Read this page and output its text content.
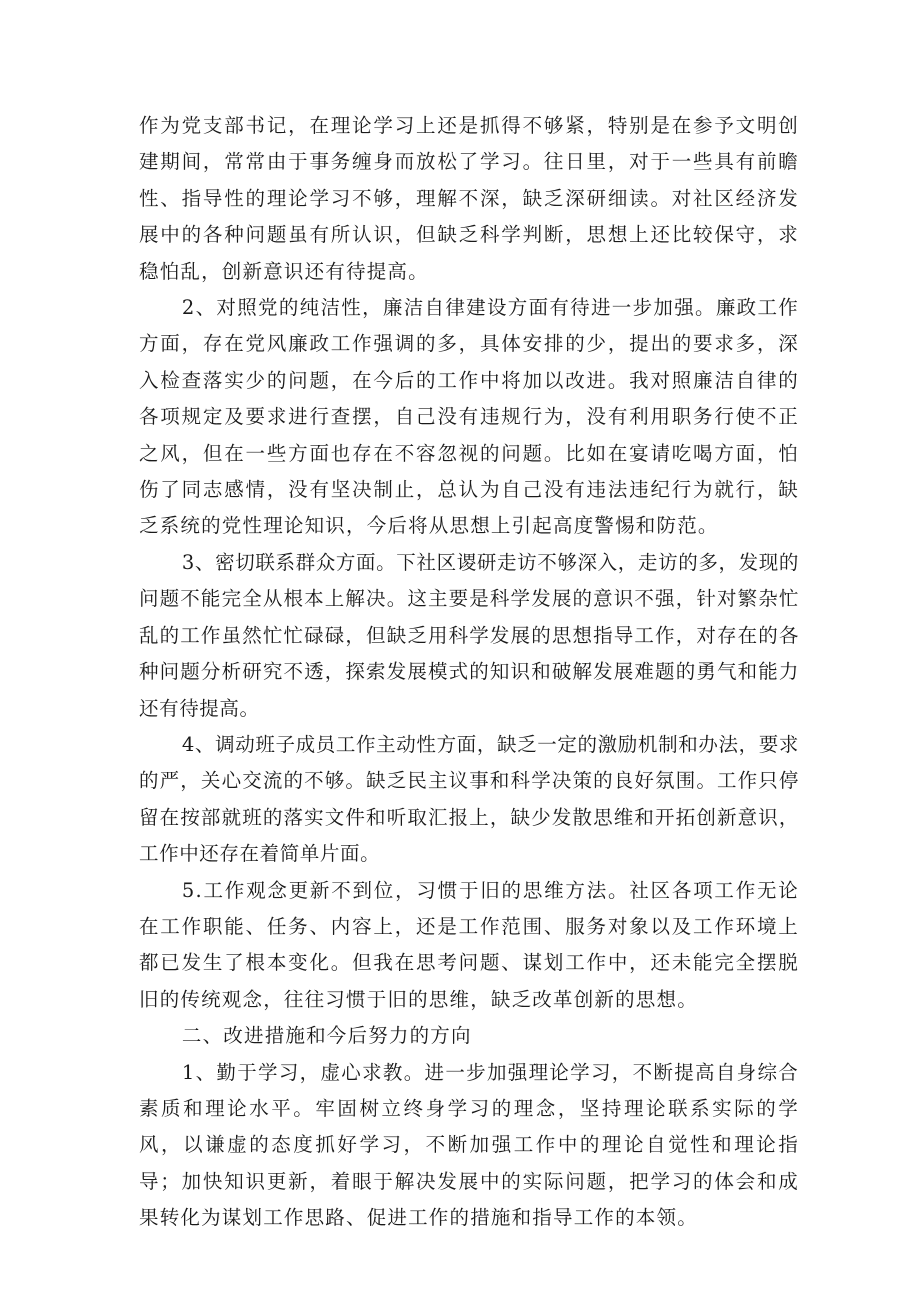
作为党支部书记，在理论学习上还是抓得不够紧，特别是在参予文明创建期间，常常由于事务缠身而放松了学习。往日里，对于一些具有前瞻性、指导性的理论学习不够，理解不深，缺乏深研细读。对社区经济发展中的各种问题虽有所认识，但缺乏科学判断，思想上还比较保守，求稳怕乱，创新意识还有待提高。

2、对照党的纯洁性，廉洁自律建设方面有待进一步加强。廉政工作方面，存在党风廉政工作强调的多，具体安排的少，提出的要求多，深入检查落实少的问题，在今后的工作中将加以改进。我对照廉洁自律的各项规定及要求进行查摆，自己没有违规行为，没有利用职务行使不正之风，但在一些方面也存在不容忽视的问题。比如在宴请吃喝方面，怕伤了同志感情，没有坚决制止，总认为自己没有违法违纪行为就行，缺乏系统的党性理论知识，今后将从思想上引起高度警惕和防范。

3、密切联系群众方面。下社区谡研走访不够深入，走访的多，发现的问题不能完全从根本上解决。这主要是科学发展的意识不强，针对繁杂忙乱的工作虽然忙忙碌碌，但缺乏用科学发展的思想指导工作，对存在的各种问题分析研究不透，探索发展模式的知识和破解发展难题的勇气和能力还有待提高。

4、调动班子成员工作主动性方面，缺乏一定的激励机制和办法，要求的严，关心交流的不够。缺乏民主议事和科学决策的良好氛围。工作只停留在按部就班的落实文件和听取汇报上，缺少发散思维和开拓创新意识，工作中还存在着简单片面。

5.工作观念更新不到位，习惯于旧的思维方法。社区各项工作无论在工作职能、任务、内容上，还是工作范围、服务对象以及工作环境上都已发生了根本变化。但我在思考问题、谋划工作中，还未能完全摆脱旧的传统观念，往往习惯于旧的思维，缺乏改革创新的思想。

二、改进措施和今后努力的方向

1、勤于学习，虚心求教。进一步加强理论学习，不断提高自身综合素质和理论水平。牢固树立终身学习的理念，坚持理论联系实际的学风，以谦虚的态度抓好学习，不断加强工作中的理论自觉性和理论指导；加快知识更新，着眼于解决发展中的实际问题，把学习的体会和成果转化为谋划工作思路、促进工作的措施和指导工作的本领。
